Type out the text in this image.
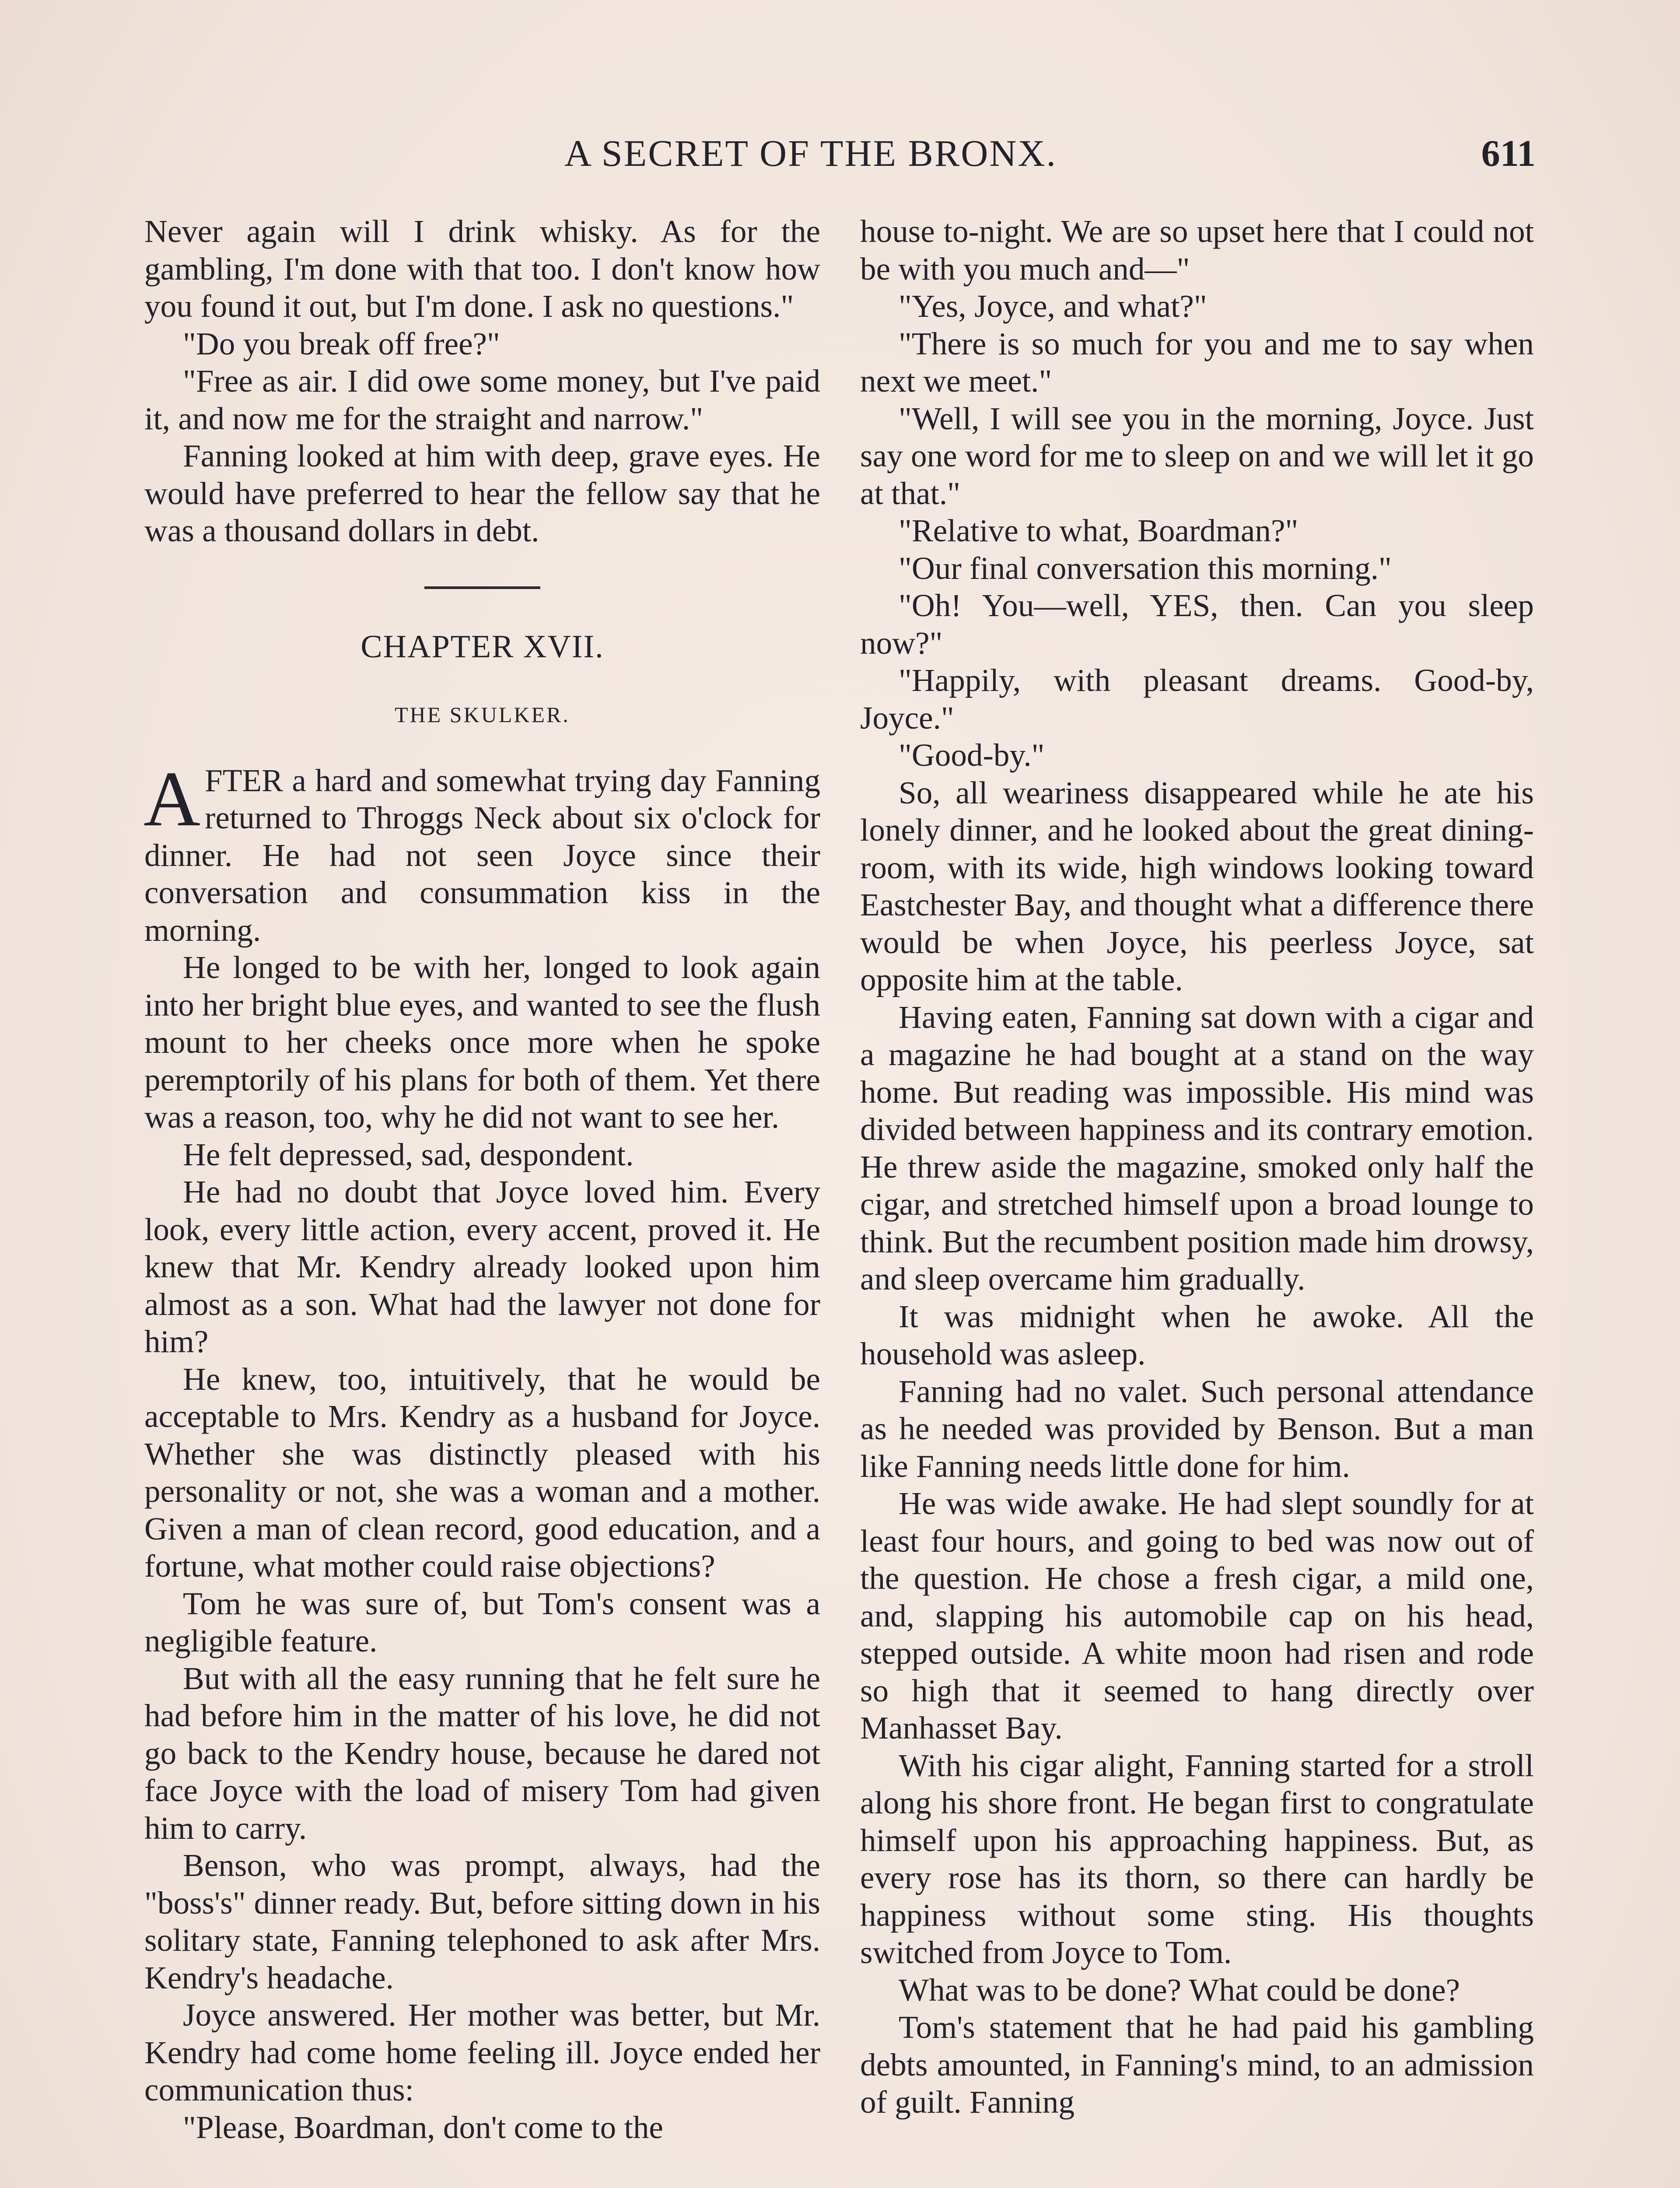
A SECRET OF THE BRONX.	611

Never again will I drink whisky. As for the gambling, I'm done with that too. I don't know how you found it out, but I'm done. I ask no questions."

"Do you break off free?"

"Free as air. I did owe some money, but I've paid it, and now me for the straight and narrow."

Fanning looked at him with deep, grave eyes. He would have preferred to hear the fellow say that he was a thousand dollars in debt.

CHAPTER XVII.
THE SKULKER.

AFTER a hard and somewhat trying day Fanning returned to Throggs Neck about six o'clock for dinner. He had not seen Joyce since their conversation and consummation kiss in the morning.

He longed to be with her, longed to look again into her bright blue eyes, and wanted to see the flush mount to her cheeks once more when he spoke peremptorily of his plans for both of them. Yet there was a reason, too, why he did not want to see her.

He felt depressed, sad, despondent.

He had no doubt that Joyce loved him. Every look, every little action, every accent, proved it. He knew that Mr. Kendry already looked upon him almost as a son. What had the lawyer not done for him?

He knew, too, intuitively, that he would be acceptable to Mrs. Kendry as a husband for Joyce. Whether she was distinctly pleased with his personality or not, she was a woman and a mother. Given a man of clean record, good education, and a fortune, what mother could raise objections?

Tom he was sure of, but Tom's consent was a negligible feature.

But with all the easy running that he felt sure he had before him in the matter of his love, he did not go back to the Kendry house, because he dared not face Joyce with the load of misery Tom had given him to carry.

Benson, who was prompt, always, had the "boss's" dinner ready. But, before sitting down in his solitary state, Fanning telephoned to ask after Mrs. Kendry's headache.

Joyce answered. Her mother was better, but Mr. Kendry had come home feeling ill. Joyce ended her communication thus:

"Please, Boardman, don't come to the

house to-night. We are so upset here that I could not be with you much and—"

"Yes, Joyce, and what?"

"There is so much for you and me to say when next we meet."

"Well, I will see you in the morning, Joyce. Just say one word for me to sleep on and we will let it go at that."

"Relative to what, Boardman?"

"Our final conversation this morning."

"Oh! You—well, YES, then. Can you sleep now?"

"Happily, with pleasant dreams. Good-by, Joyce."

"Good-by."

So, all weariness disappeared while he ate his lonely dinner, and he looked about the great dining-room, with its wide, high windows looking toward Eastchester Bay, and thought what a difference there would be when Joyce, his peerless Joyce, sat opposite him at the table.

Having eaten, Fanning sat down with a cigar and a magazine he had bought at a stand on the way home. But reading was impossible. His mind was divided between happiness and its contrary emotion. He threw aside the magazine, smoked only half the cigar, and stretched himself upon a broad lounge to think. But the recumbent position made him drowsy, and sleep overcame him gradually.

It was midnight when he awoke. All the household was asleep.

Fanning had no valet. Such personal attendance as he needed was provided by Benson. But a man like Fanning needs little done for him.

He was wide awake. He had slept soundly for at least four hours, and going to bed was now out of the question. He chose a fresh cigar, a mild one, and, slapping his automobile cap on his head, stepped outside. A white moon had risen and rode so high that it seemed to hang directly over Manhasset Bay.

With his cigar alight, Fanning started for a stroll along his shore front. He began first to congratulate himself upon his approaching happiness. But, as every rose has its thorn, so there can hardly be happiness without some sting. His thoughts switched from Joyce to Tom.

What was to be done? What could be done?

Tom's statement that he had paid his gambling debts amounted, in Fanning's mind, to an admission of guilt. Fanning
